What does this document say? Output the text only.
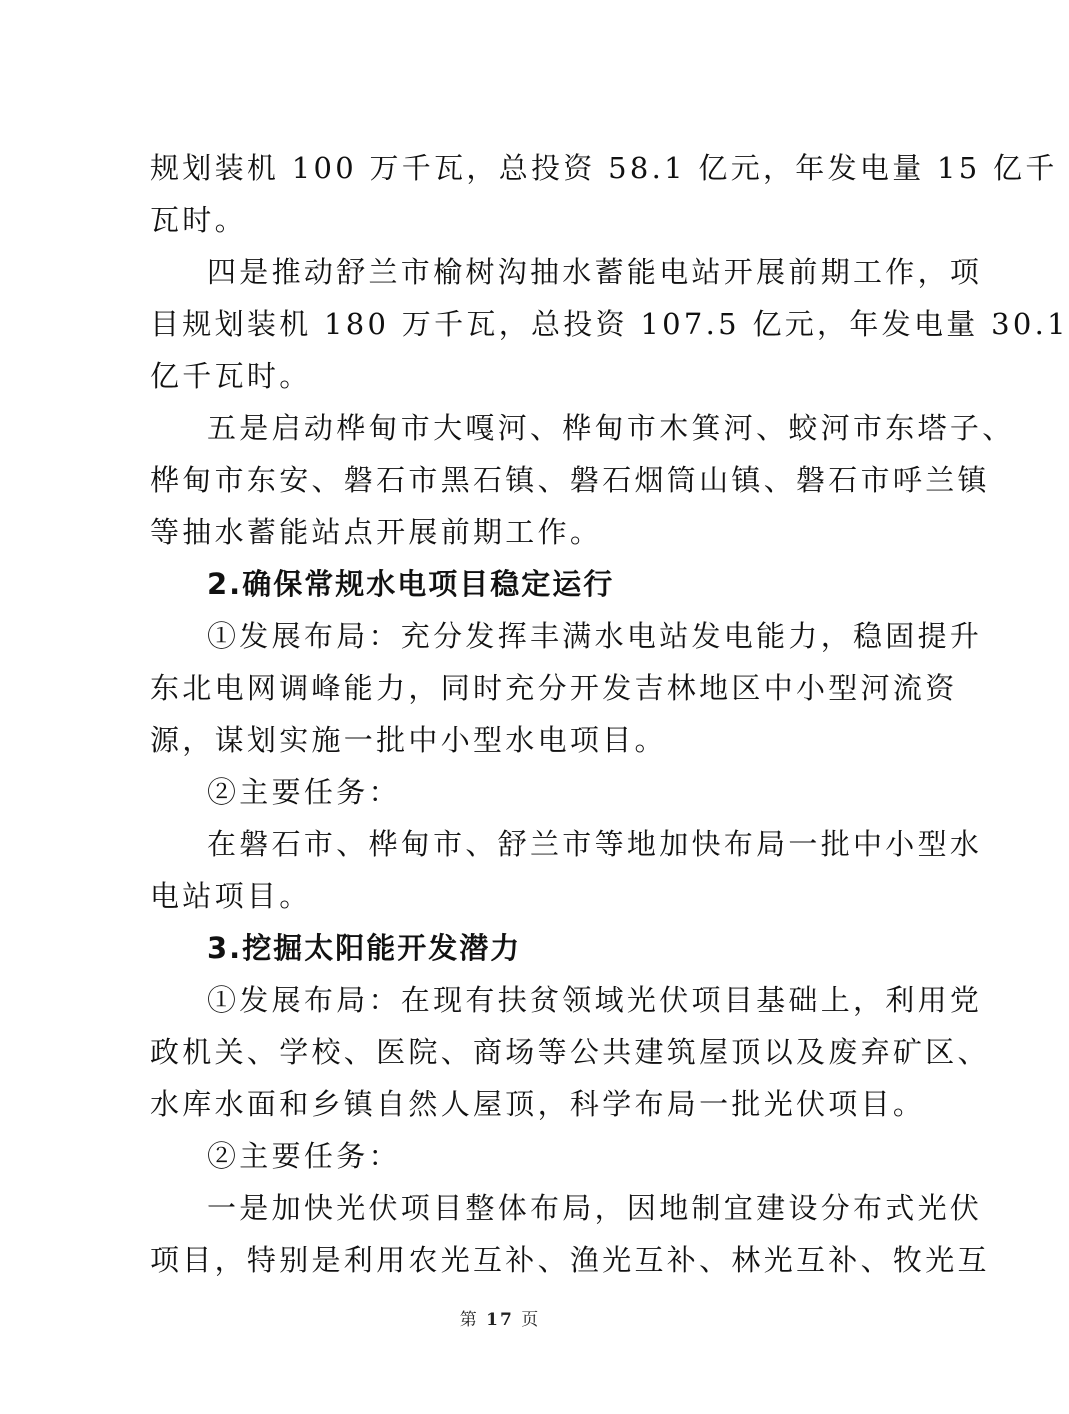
规划装机 100 万千瓦，总投资 58.1 亿元，年发电量 15 亿千
瓦时。
四是推动舒兰市榆树沟抽水蓄能电站开展前期工作，项
目规划装机 180 万千瓦，总投资 107.5 亿元，年发电量 30.1
亿千瓦时。
五是启动桦甸市大嘎河、桦甸市木箕河、蛟河市东塔子、
桦甸市东安、磐石市黑石镇、磐石烟筒山镇、磐石市呼兰镇
等抽水蓄能站点开展前期工作。
2.确保常规水电项目稳定运行
①发展布局：充分发挥丰满水电站发电能力，稳固提升
东北电网调峰能力，同时充分开发吉林地区中小型河流资
源，谋划实施一批中小型水电项目。
②主要任务：
在磐石市、桦甸市、舒兰市等地加快布局一批中小型水
电站项目。
3.挖掘太阳能开发潜力
①发展布局：在现有扶贫领域光伏项目基础上，利用党
政机关、学校、医院、商场等公共建筑屋顶以及废弃矿区、
水库水面和乡镇自然人屋顶，科学布局一批光伏项目。
②主要任务：
一是加快光伏项目整体布局，因地制宜建设分布式光伏
项目，特别是利用农光互补、渔光互补、林光互补、牧光互
第 17 页
